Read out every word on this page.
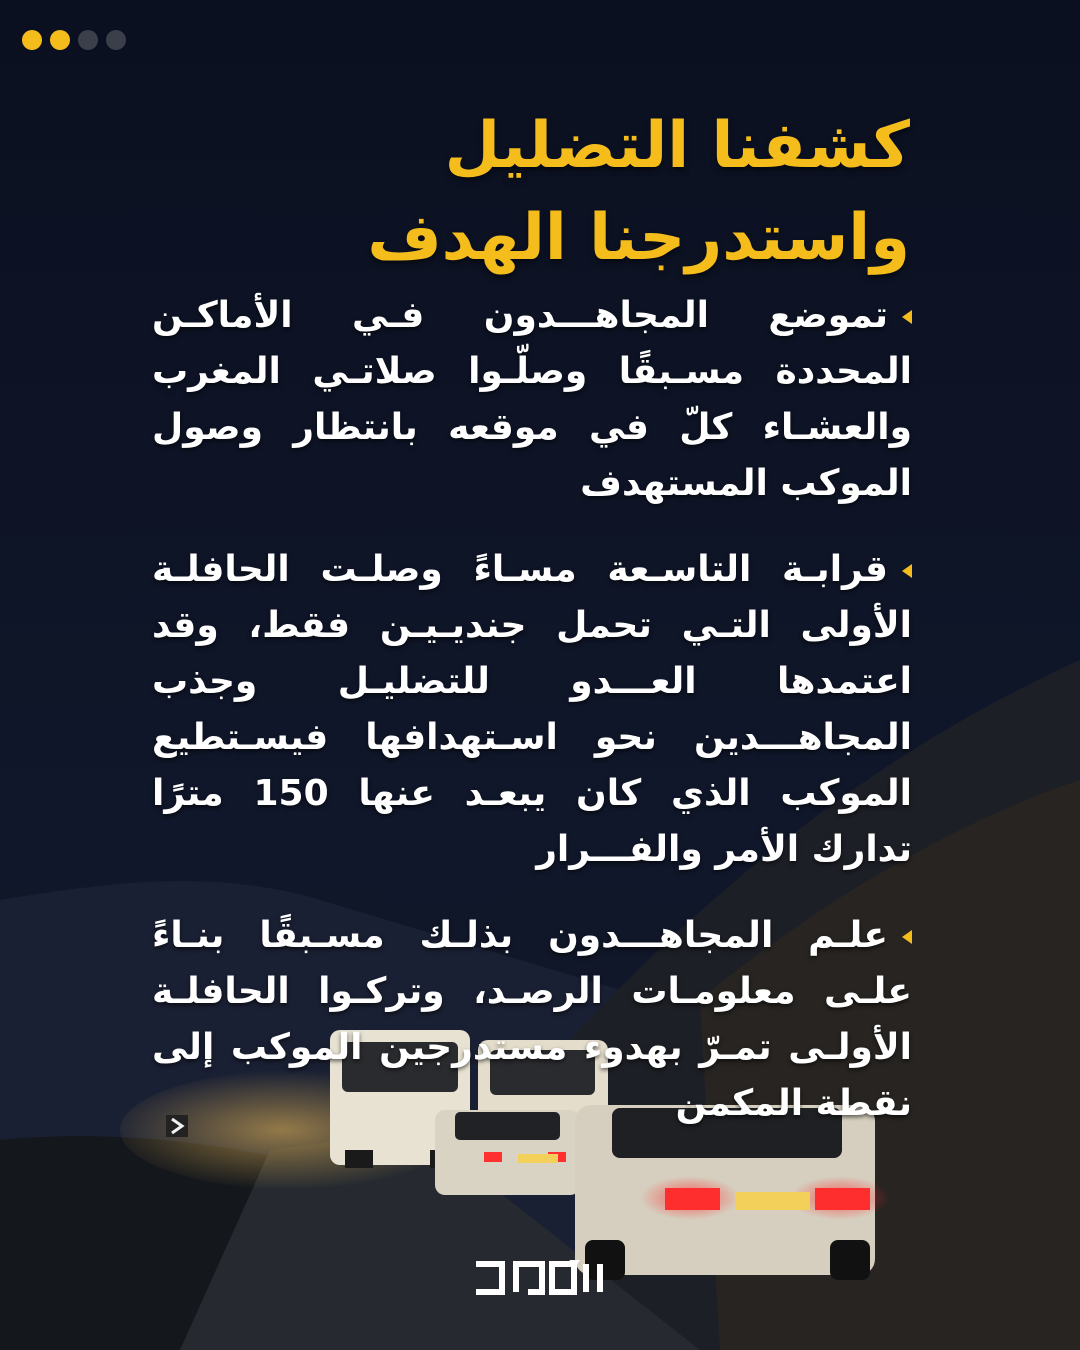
كشفنا التضليل
واستدرجنا الهدف
تموضع المجاهـــدون فـي الأماكـن المحددة مسـبقًا وصلّـوا صلاتـي المغرب والعشـاء كلّ في موقعه بانتظار وصول الموكب المستهدف
قرابـة التاسـعة مسـاءً وصلـت الحافلـة الأولى التـي تحمل جنديـيـن فقط، وقد اعتمدها العـــدو للتضليـل وجذب المجاهـــدين نحو اسـتهدافها فيسـتطيع الموكب الذي كان يبعـد عنها 150 مترًا تدارك الأمر والفـــرار
علـم المجاهـــدون بذلـك مسـبقًا بنـاءً علـى معلومـات الرصـد، وتركـوا الحافلـة الأولـى تمـرّ بهدوء مستدرجين الموكب إلى نقطة المكمن
